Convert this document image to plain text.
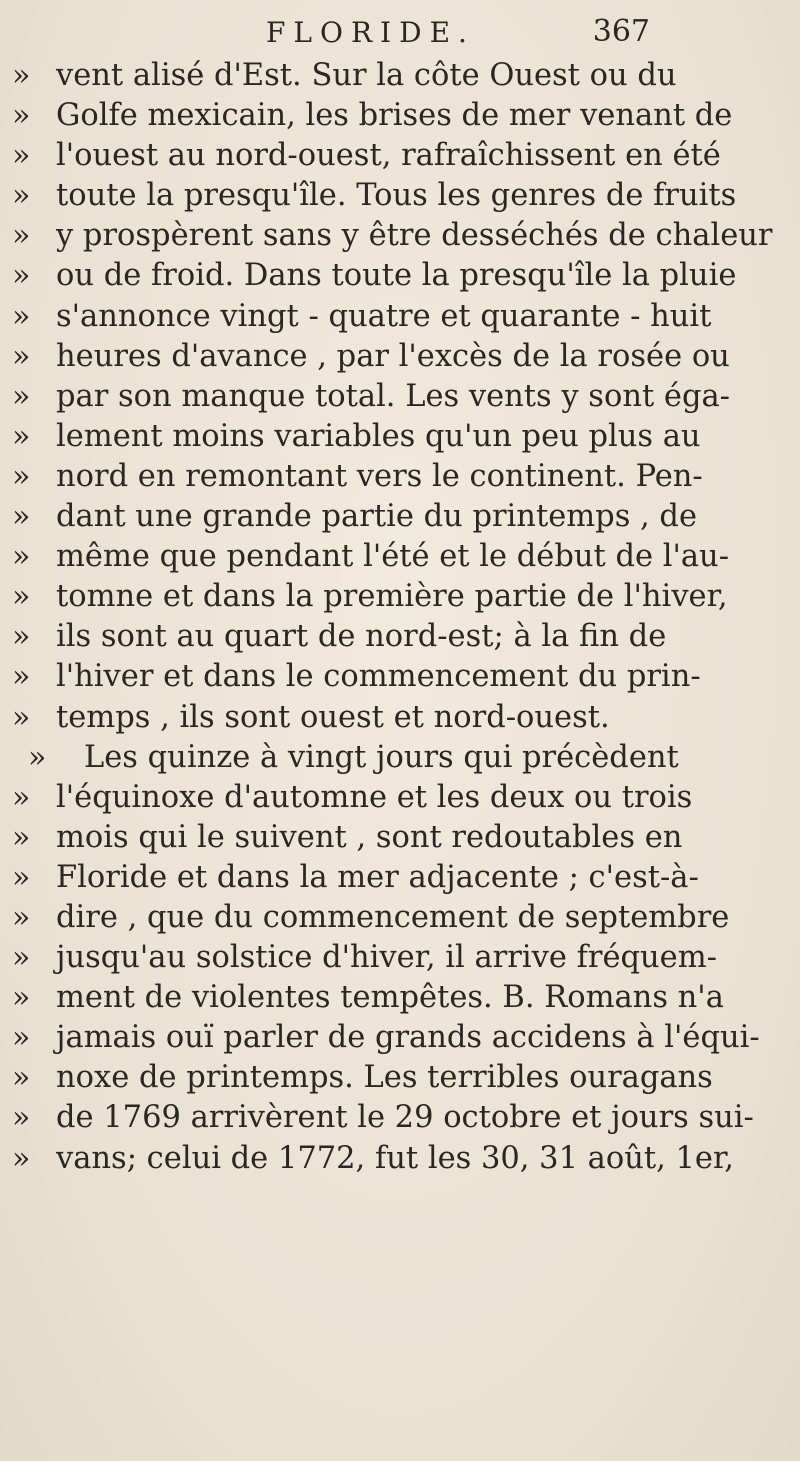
FLORIDE.	367
» vent alisé d'Est. Sur la côte Ouest ou du
» Golfe mexicain, les brises de mer venant de
» l'ouest au nord-ouest, rafraîchissent en été
» toute la presqu'île. Tous les genres de fruits
» y prospèrent sans y être desséchés de chaleur
» ou de froid. Dans toute la presqu'île la pluie
» s'annonce vingt - quatre et quarante - huit
» heures d'avance , par l'excès de la rosée ou
» par son manque total. Les vents y sont éga-
» lement moins variables qu'un peu plus au
» nord en remontant vers le continent. Pen-
» dant une grande partie du printemps , de
» même que pendant l'été et le début de l'au-
» tomne et dans la première partie de l'hiver,
» ils sont au quart de nord-est; à la fin de
» l'hiver et dans le commencement du prin-
» temps , ils sont ouest et nord-ouest.
»	Les quinze à vingt jours qui précèdent
» l'équinoxe d'automne et les deux ou trois
» mois qui le suivent , sont redoutables en
» Floride et dans la mer adjacente ; c'est-à-
» dire , que du commencement de septembre
» jusqu'au solstice d'hiver, il arrive fréquem-
» ment de violentes tempêtes. B. Romans n'a
» jamais ouï parler de grands accidens à l'équi-
» noxe de printemps. Les terribles ouragans
» de 1769 arrivèrent le 29 octobre et jours sui-
» vans; celui de 1772, fut les 30, 31 août, 1er,
